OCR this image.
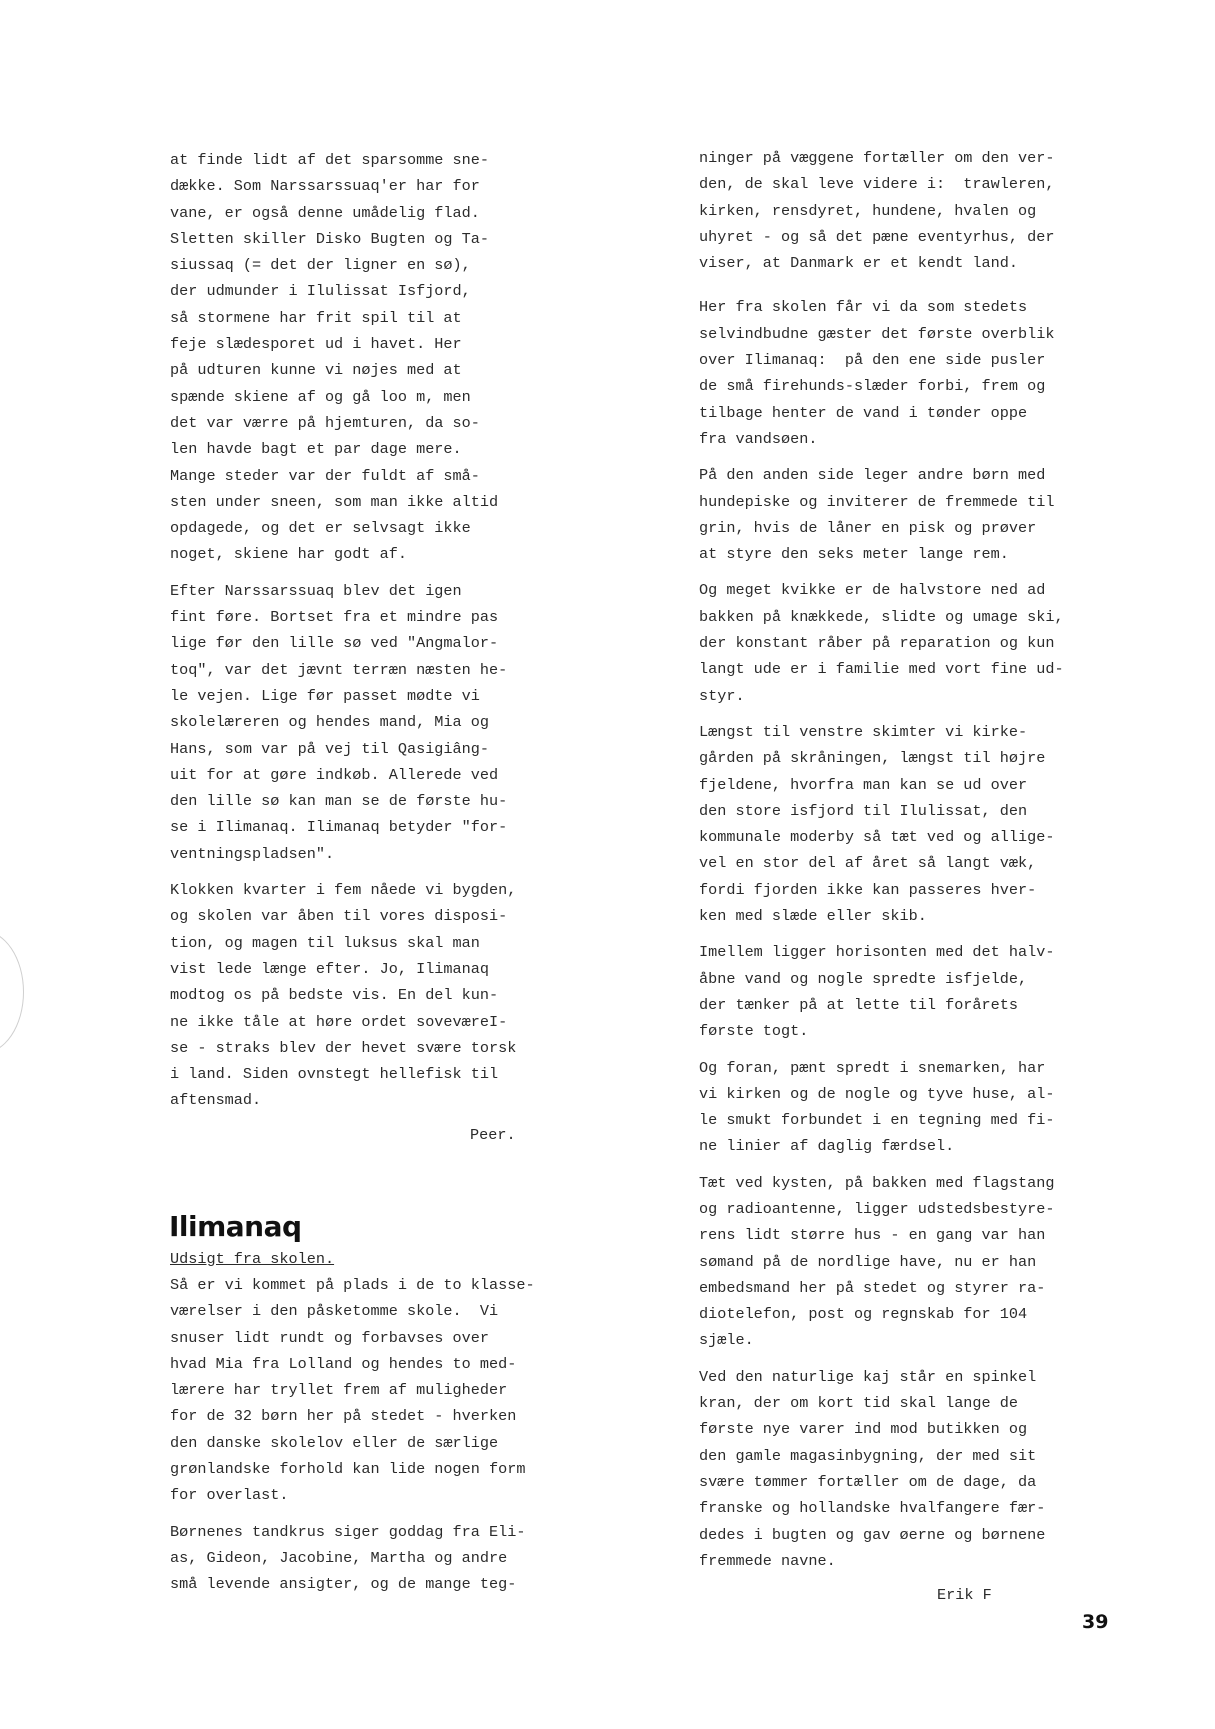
at finde lidt af det sparsomme sne-
dække. Som Narssarssuaq'er har for
vane, er også denne umådelig flad.
Sletten skiller Disko Bugten og Ta-
siussaq (= det der ligner en sø),
der udmunder i Ilulissat Isfjord,
så stormene har frit spil til at
feje slædesporet ud i havet. Her
på udturen kunne vi nøjes med at
spænde skiene af og gå loo m, men
det var værre på hjemturen, da so-
len havde bagt et par dage mere.
Mange steder var der fuldt af små-
sten under sneen, som man ikke altid
opdagede, og det er selvsagt ikke
noget, skiene har godt af.
Efter Narssarssuaq blev det igen
fint føre. Bortset fra et mindre pas
lige før den lille sø ved "Angmalor-
toq", var det jævnt terræn næsten he-
le vejen. Lige før passet mødte vi
skolelæreren og hendes mand, Mia og
Hans, som var på vej til Qasigiâng-
uit for at gøre indkøb. Allerede ved
den lille sø kan man se de første hu-
se i Ilimanaq. Ilimanaq betyder "for-
ventningspladsen".
Klokken kvarter i fem nåede vi bygden,
og skolen var åben til vores disposi-
tion, og magen til luksus skal man
vist lede længe efter. Jo, Ilimanaq
modtog os på bedste vis. En del kun-
ne ikke tåle at høre ordet soveværeI-
se - straks blev der hevet svære torsk
i land. Siden ovnstegt hellefisk til
aftensmad.
Peer.
Ilimanaq
Udsigt fra skolen.
Så er vi kommet på plads i de to klasse-
værelser i den påsketomme skole.  Vi
snuser lidt rundt og forbavses over
hvad Mia fra Lolland og hendes to med-
lærere har tryllet frem af muligheder
for de 32 børn her på stedet - hverken
den danske skolelov eller de særlige
grønlandske forhold kan lide nogen form
for overlast.
Børnenes tandkrus siger goddag fra Eli-
as, Gideon, Jacobine, Martha og andre
små levende ansigter, og de mange teg-
ninger på væggene fortæller om den ver-
den, de skal leve videre i:  trawleren,
kirken, rensdyret, hundene, hvalen og
uhyret - og så det pæne eventyrhus, der
viser, at Danmark er et kendt land.
Her fra skolen får vi da som stedets
selvindbudne gæster det første overblik
over Ilimanaq:  på den ene side pusler
de små firehunds-slæder forbi, frem og
tilbage henter de vand i tønder oppe
fra vandsøen.
På den anden side leger andre børn med
hundepiske og inviterer de fremmede til
grin, hvis de låner en pisk og prøver
at styre den seks meter lange rem.
Og meget kvikke er de halvstore ned ad
bakken på knækkede, slidte og umage ski,
der konstant råber på reparation og kun
langt ude er i familie med vort fine ud-
styr.
Længst til venstre skimter vi kirke-
gården på skråningen, længst til højre
fjeldene, hvorfra man kan se ud over
den store isfjord til Ilulissat, den
kommunale moderby så tæt ved og allige-
vel en stor del af året så langt væk,
fordi fjorden ikke kan passeres hver-
ken med slæde eller skib.
Imellem ligger horisonten med det halv-
åbne vand og nogle spredte isfjelde,
der tænker på at lette til forårets
første togt.
Og foran, pænt spredt i snemarken, har
vi kirken og de nogle og tyve huse, al-
le smukt forbundet i en tegning med fi-
ne linier af daglig færdsel.
Tæt ved kysten, på bakken med flagstang
og radioantenne, ligger udstedsbestyre-
rens lidt større hus - en gang var han
sømand på de nordlige have, nu er han
embedsmand her på stedet og styrer ra-
diotelefon, post og regnskab for 104
sjæle.
Ved den naturlige kaj står en spinkel
kran, der om kort tid skal lange de
første nye varer ind mod butikken og
den gamle magasinbygning, der med sit
svære tømmer fortæller om de dage, da
franske og hollandske hvalfangere fær-
dedes i bugten og gav øerne og børnene
fremmede navne.
Erik F
39
